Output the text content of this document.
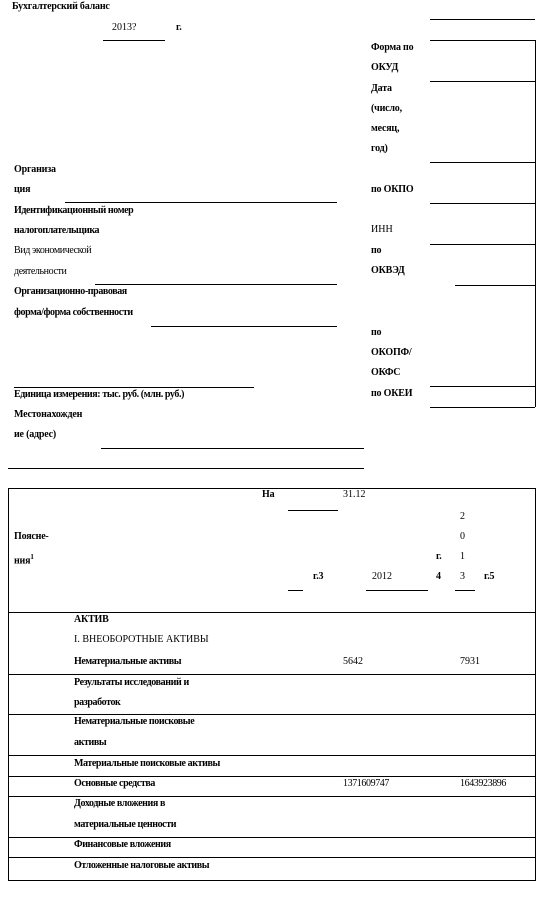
Бухгалтерский баланс
2013?	г.
Форма по
ОКУД
Дата
(число,
месяц,
год)
по ОКПО
ИНН
по
ОКВЭД
по
ОКОПФ/
ОКФС
по ОКЕИ
Организа
ция
Идентификационный номер
налогоплательщика
Вид экономической
деятельности
Организационно-правовая
форма/форма собственности
Единица измерения: тыс. руб. (млн. руб.)
Местонахожден
ие (адрес)
На	31.12
2
0
1
3
Поясне-
ния$^1$	г.
4
г.3	2012	г.5
АКТИВ
I. ВНЕОБОРОТНЫЕ АКТИВЫ
Нематериальные активы	5642	7931
Результаты исследований и
разработок
Нематериальные поисковые
активы
Материальные поисковые активы
Основные средства	1371609747	1643923896
Доходные вложения в
материальные ценности
Финансовые вложения
Отложенные налоговые активы
